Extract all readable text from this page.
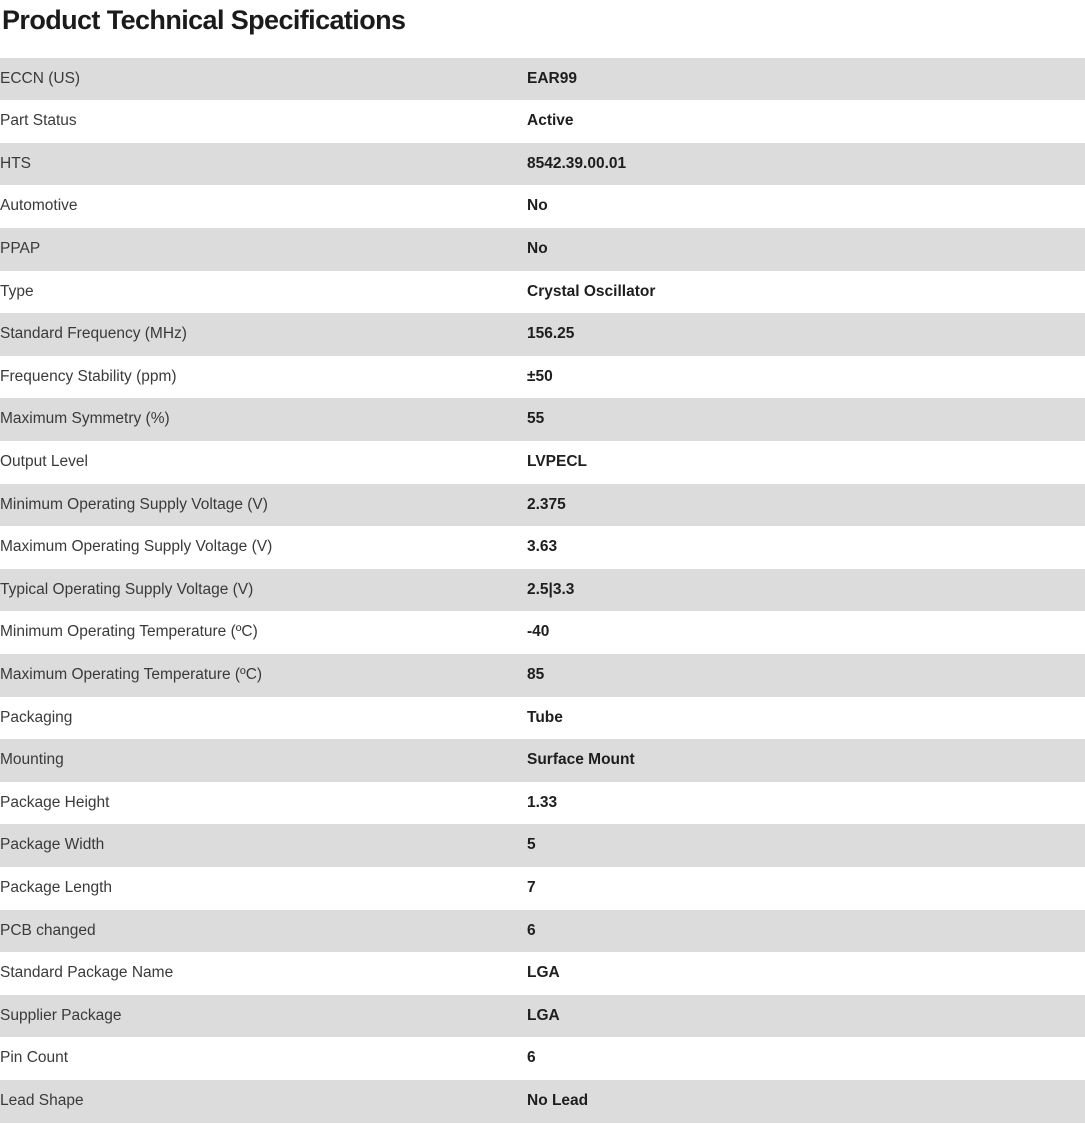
Product Technical Specifications
ECCN (US)	EAR99
Part Status	Active
HTS	8542.39.00.01
Automotive	No
PPAP	No
Type	Crystal Oscillator
Standard Frequency (MHz)	156.25
Frequency Stability (ppm)	±50
Maximum Symmetry (%)	55
Output Level	LVPECL
Minimum Operating Supply Voltage (V)	2.375
Maximum Operating Supply Voltage (V)	3.63
Typical Operating Supply Voltage (V)	2.5|3.3
Minimum Operating Temperature (ºC)	-40
Maximum Operating Temperature (ºC)	85
Packaging	Tube
Mounting	Surface Mount
Package Height	1.33
Package Width	5
Package Length	7
PCB changed	6
Standard Package Name	LGA
Supplier Package	LGA
Pin Count	6
Lead Shape	No Lead
